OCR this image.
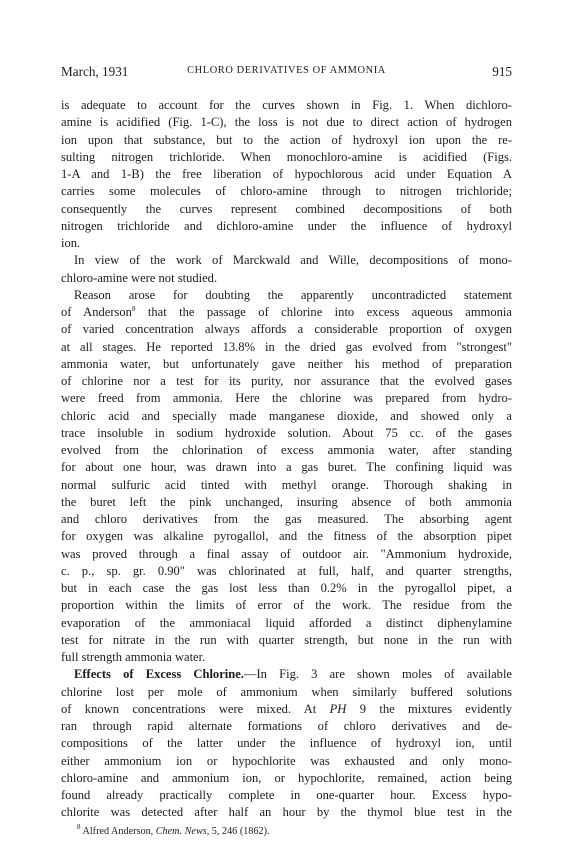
March, 1931	CHLORO DERIVATIVES OF AMMONIA	915
is adequate to account for the curves shown in Fig. 1. When dichloro-
amine is acidified (Fig. 1-C), the loss is not due to direct action of hydrogen
ion upon that substance, but to the action of hydroxyl ion upon the re-
sulting nitrogen trichloride. When monochloro-amine is acidified (Figs.
1-A and 1-B) the free liberation of hypochlorous acid under Equation A
carries some molecules of chloro-amine through to nitrogen trichloride;
consequently the curves represent combined decompositions of both
nitrogen trichloride and dichloro-amine under the influence of hydroxyl
ion.
In view of the work of Marckwald and Wille, decompositions of mono-
chloro-amine were not studied.
Reason arose for doubting the apparently uncontradicted statement
of Anderson$^8$ that the passage of chlorine into excess aqueous ammonia
of varied concentration always affords a considerable proportion of oxygen
at all stages. He reported 13.8% in the dried gas evolved from "strongest"
ammonia water, but unfortunately gave neither his method of preparation
of chlorine nor a test for its purity, nor assurance that the evolved gases
were freed from ammonia. Here the chlorine was prepared from hydro-
chloric acid and specially made manganese dioxide, and showed only a
trace insoluble in sodium hydroxide solution. About 75 cc. of the gases
evolved from the chlorination of excess ammonia water, after standing
for about one hour, was drawn into a gas buret. The confining liquid was
normal sulfuric acid tinted with methyl orange. Thorough shaking in
the buret left the pink unchanged, insuring absence of both ammonia
and chloro derivatives from the gas measured. The absorbing agent
for oxygen was alkaline pyrogallol, and the fitness of the absorption pipet
was proved through a final assay of outdoor air. "Ammonium hydroxide,
c. p., sp. gr. 0.90" was chlorinated at full, half, and quarter strengths,
but in each case the gas lost less than 0.2% in the pyrogallol pipet, a
proportion within the limits of error of the work. The residue from the
evaporation of the ammoniacal liquid afforded a distinct diphenylamine
test for nitrate in the run with quarter strength, but none in the run with
full strength ammonia water.
Effects of Excess Chlorine.—In Fig. 3 are shown moles of available
chlorine lost per mole of ammonium when similarly buffered solutions
of known concentrations were mixed. At PH 9 the mixtures evidently
ran through rapid alternate formations of chloro derivatives and de-
compositions of the latter under the influence of hydroxyl ion, until
either ammonium ion or hypochlorite was exhausted and only mono-
chloro-amine and ammonium ion, or hypochlorite, remained, action being
found already practically complete in one-quarter hour. Excess hypo-
chlorite was detected after half an hour by the thymol blue test in the
$^8$ Alfred Anderson, Chem. News, 5, 246 (1862).
